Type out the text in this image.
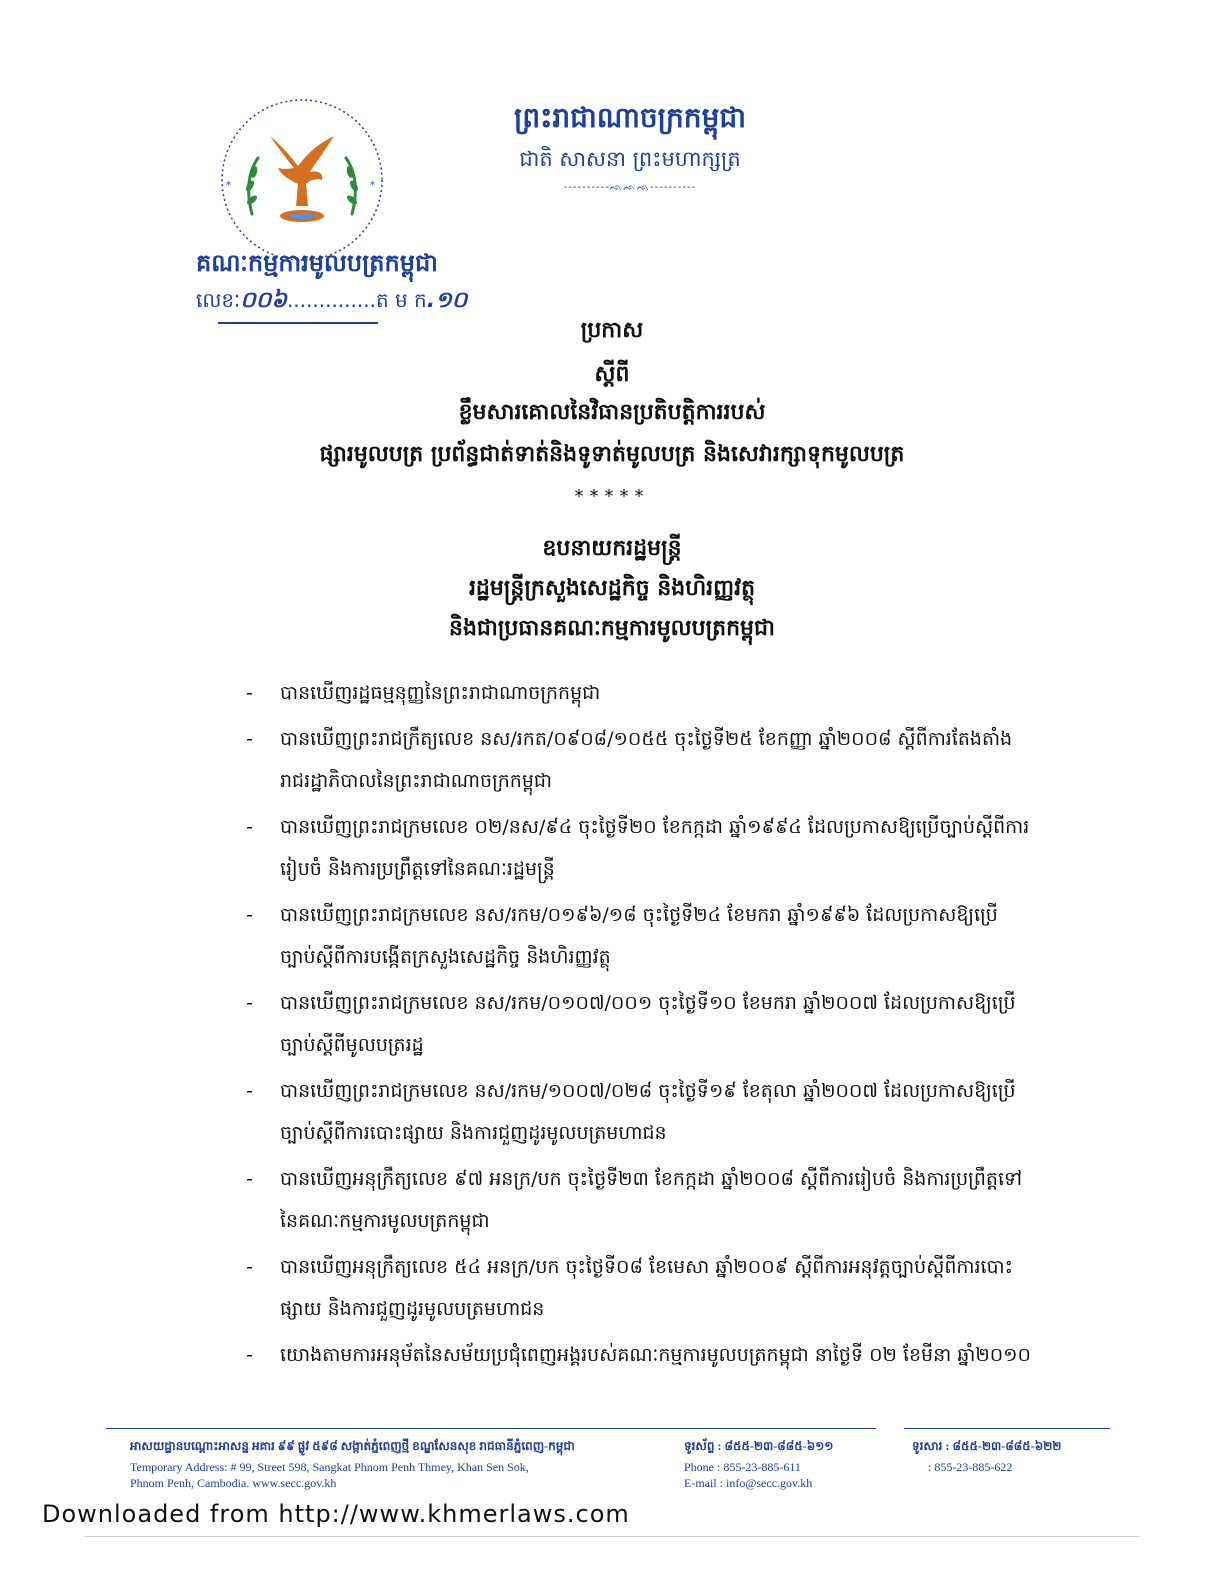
*	*
គណៈកម្មការមូលបត្រកម្ពុជា
លេខៈ០០៦..............ត ម ក.១០
ព្រះរាជាណាចក្រកម្ពុជា
ជាតិ សាសនា ព្រះមហាក្សត្រ
----------ᨒᨒᨒ----------
ប្រកាស
ស្តីពី
ខ្លឹមសារគោលនៃវិធានប្រតិបត្តិការរបស់
ផ្សារមូលបត្រ ប្រព័ន្ធជាត់ទាត់និងទូទាត់មូលបត្រ និងសេវារក្សាទុកមូលបត្រ
*****
ឧបនាយករដ្ឋមន្ត្រី
រដ្ឋមន្ត្រីក្រសួងសេដ្ឋកិច្ច និងហិរញ្ញវត្ថុ
និងជាប្រធានគណៈកម្មការមូលបត្រកម្ពុជា
- បានឃើញរដ្ឋធម្មនុញ្ញនៃព្រះរាជាណាចក្រកម្ពុជា
- បានឃើញព្រះរាជក្រឹត្យលេខ នស/រកត/០៩០៨/១០៥៥ ចុះថ្ងៃទី២៥ ខែកញ្ញា ឆ្នាំ២០០៨ ស្តីពីការតែងតាំងរាជរដ្ឋាភិបាលនៃព្រះរាជាណាចក្រកម្ពុជា
- បានឃើញព្រះរាជក្រមលេខ ០២/នស/៩៤ ចុះថ្ងៃទី២០ ខែកក្កដា ឆ្នាំ១៩៩៤ ដែលប្រកាសឱ្យប្រើច្បាប់ស្តីពីការរៀបចំ និងការប្រព្រឹត្តទៅនៃគណៈរដ្ឋមន្ត្រី
- បានឃើញព្រះរាជក្រមលេខ នស/រកម/០១៩៦/១៨ ចុះថ្ងៃទី២៤ ខែមករា ឆ្នាំ១៩៩៦ ដែលប្រកាសឱ្យប្រើច្បាប់ស្តីពីការបង្កើតក្រសួងសេដ្ឋកិច្ច និងហិរញ្ញវត្ថុ
- បានឃើញព្រះរាជក្រមលេខ នស/រកម/០១០៧/០០១ ចុះថ្ងៃទី១០ ខែមករា ឆ្នាំ២០០៧ ដែលប្រកាសឱ្យប្រើច្បាប់ស្តីពីមូលបត្ររដ្ឋ
- បានឃើញព្រះរាជក្រមលេខ នស/រកម/១០០៧/០២៨ ចុះថ្ងៃទី១៩ ខែតុលា ឆ្នាំ២០០៧ ដែលប្រកាសឱ្យប្រើច្បាប់ស្តីពីការបោះផ្សាយ និងការជួញដូរមូលបត្រមហាជន
- បានឃើញអនុក្រឹត្យលេខ ៩៧ អនក្រ/បក ចុះថ្ងៃទី២៣ ខែកក្កដា ឆ្នាំ២០០៨ ស្តីពីការរៀបចំ និងការប្រព្រឹត្តទៅនៃគណៈកម្មការមូលបត្រកម្ពុជា
- បានឃើញអនុក្រឹត្យលេខ ៥៤ អនក្រ/បក ចុះថ្ងៃទី០៨ ខែមេសា ឆ្នាំ២០០៩ ស្តីពីការអនុវត្តច្បាប់ស្តីពីការបោះផ្សាយ និងការជួញដូរមូលបត្រមហាជន
- យោងតាមការអនុម័តនៃសម័យប្រជុំពេញអង្គរបស់គណៈកម្មការមូលបត្រកម្ពុជា នាថ្ងៃទី ០២ ខែមីនា ឆ្នាំ២០១០
អាសយដ្ឋានបណ្តោះអាសន្ន អគារ ៩៩ ផ្លូវ ៥៩៨ សង្កាត់ភ្នំពេញថ្មី ខណ្ឌសែនសុខ រាជធានីភ្នំពេញ-កម្ពុជា
Temporary Address: # 99, Street 598, Sangkat Phnom Penh Thmey, Khan Sen Sok,
Phnom Penh, Cambodia. www.secc.gov.kh
ទូរស័ព្ទ : ៨៥៥-២៣-៨៨៥-៦១១
Phone : 855-23-885-611
E-mail : info@secc.gov.kh
ទូរសារ : ៨៥៥-២៣-៨៨៥-៦២២
: 855-23-885-622
Downloaded from http://www.khmerlaws.com
